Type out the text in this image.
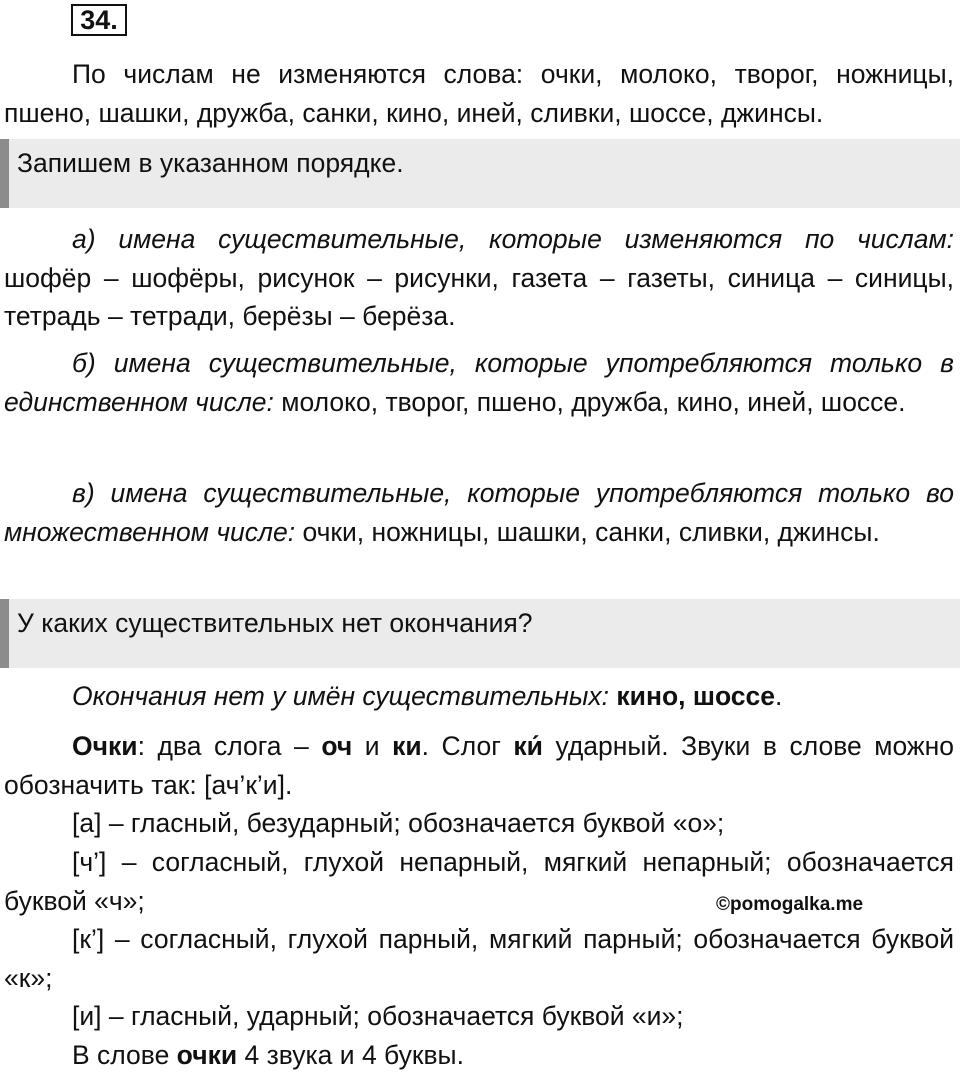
34.
По числам не изменяются слова: очки, молоко, творог, ножницы, пшено, шашки, дружба, санки, кино, иней, сливки, шоссе, джинсы.
Запишем в указанном порядке.
а) имена существительные, которые изменяются по числам: шофёр – шофёры, рисунок – рисунки, газета – газеты, синица – синицы, тетрадь – тетради, берёзы – берёза.
б) имена существительные, которые употребляются только в единственном числе: молоко, творог, пшено, дружба, кино, иней, шоссе.
в) имена существительные, которые употребляются только во множественном числе: очки, ножницы, шашки, санки, сливки, джинсы.
У каких существительных нет окончания?
Окончания нет у имён существительных: кино, шоссе.
Очки: два слога – оч и ки. Слог ки́ ударный. Звуки в слове можно обозначить так: [ач’к’и].
[а] – гласный, безударный; обозначается буквой «о»;
[ч’] – согласный, глухой непарный, мягкий непарный; обозначается буквой «ч»;
[к’] – согласный, глухой парный, мягкий парный; обозначается буквой «к»;
[и] – гласный, ударный; обозначается буквой «и»;
В слове очки 4 звука и 4 буквы.
©pomogalka.me
